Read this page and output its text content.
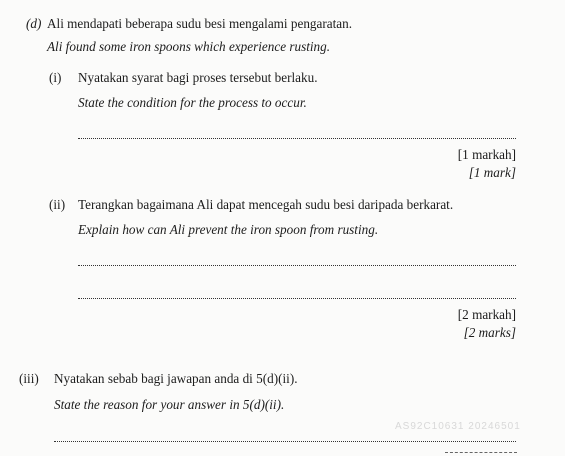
(d) Ali mendapati beberapa sudu besi mengalami pengaratan.
Ali found some iron spoons which experience rusting.
(i) Nyatakan syarat bagi proses tersebut berlaku.
State the condition for the process to occur.
[1 markah]
[1 mark]
(ii) Terangkan bagaimana Ali dapat mencegah sudu besi daripada berkarat.
Explain how can Ali prevent the iron spoon from rusting.
[2 markah]
[2 marks]
(iii) Nyatakan sebab bagi jawapan anda di 5(d)(ii).
State the reason for your answer in 5(d)(ii).
AS92C10631 20246501
